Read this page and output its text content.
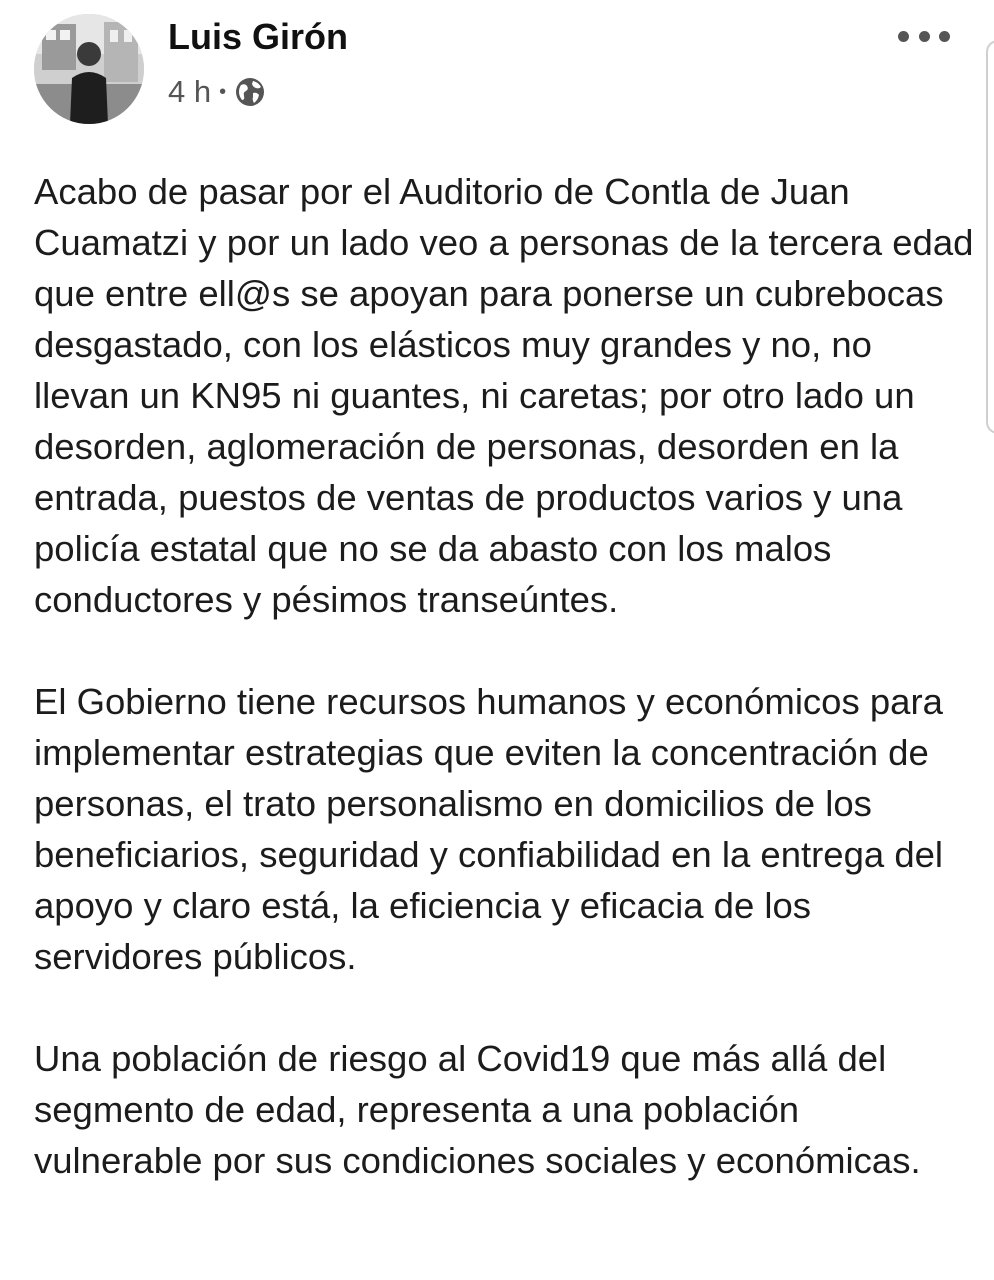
Luis Girón
4 h •

Acabo de pasar por el Auditorio de Contla de Juan Cuamatzi y por un lado veo a personas de la tercera edad que entre ell@s se apoyan para ponerse un cubrebocas desgastado, con los elásticos muy grandes y no, no llevan un KN95 ni guantes, ni caretas; por otro lado un desorden, aglomeración de personas, desorden en la entrada, puestos de ventas de productos varios y una policía estatal que no se da abasto con los malos conductores y pésimos transeúntes.

El Gobierno tiene recursos humanos y económicos para implementar estrategias que eviten la concentración de personas, el trato personalismo en domicilios de los beneficiarios, seguridad y confiabilidad en la entrega del apoyo y claro está, la eficiencia y eficacia de los servidores públicos.

Una población de riesgo al Covid19 que más allá del segmento de edad, representa a una población vulnerable por sus condiciones sociales y económicas.
